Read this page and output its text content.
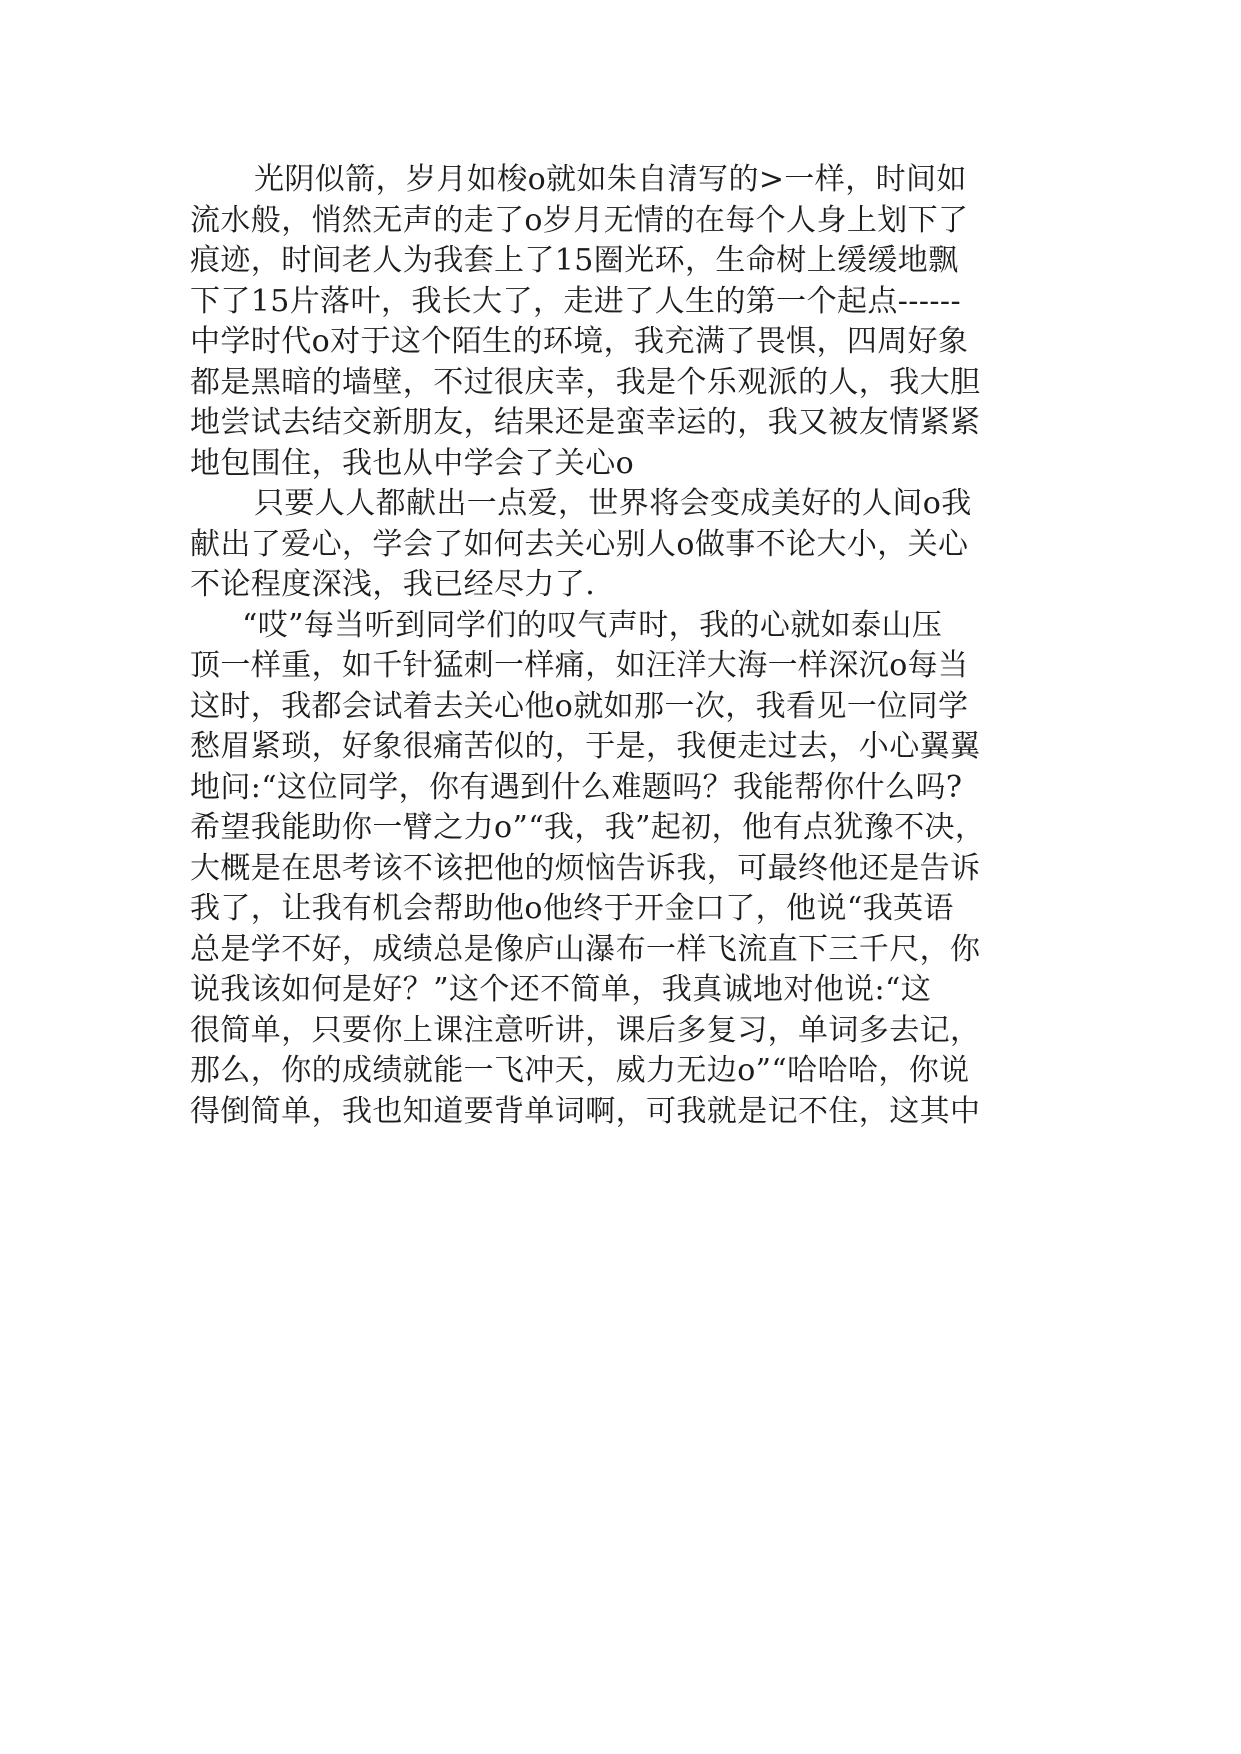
光阴似箭，岁月如梭o就如朱自清写的>一样，时间如

流水般，悄然无声的走了o岁月无情的在每个人身上划下了

痕迹，时间老人为我套上了15圈光环，生命树上缓缓地飘

下了15片落叶，我长大了，走进了人生的第一个起点------

中学时代o对于这个陌生的环境，我充满了畏惧，四周好象

都是黑暗的墙壁，不过很庆幸，我是个乐观派的人，我大胆

地尝试去结交新朋友，结果还是蛮幸运的，我又被友情紧紧

地包围住，我也从中学会了关心o

只要人人都献出一点爱，世界将会变成美好的人间o我

献出了爱心，学会了如何去关心别人o做事不论大小，关心

不论程度深浅，我已经尽力了.

“哎”每当听到同学们的叹气声时，我的心就如泰山压

顶一样重，如千针猛刺一样痛，如汪洋大海一样深沉o每当

这时，我都会试着去关心他o就如那一次，我看见一位同学

愁眉紧琐，好象很痛苦似的，于是，我便走过去，小心翼翼

地问:“这位同学，你有遇到什么难题吗？我能帮你什么吗?

希望我能助你一臂之力o”“我，我”起初，他有点犹豫不决，

大概是在思考该不该把他的烦恼告诉我，可最终他还是告诉

我了，让我有机会帮助他o他终于开金口了，他说“我英语

总是学不好，成绩总是像庐山瀑布一样飞流直下三千尺，你

说我该如何是好？”这个还不简单，我真诚地对他说:“这

很简单，只要你上课注意听讲，课后多复习，单词多去记，

那么，你的成绩就能一飞冲天，威力无边o”“哈哈哈，你说

得倒简单，我也知道要背单词啊，可我就是记不住，这其中
